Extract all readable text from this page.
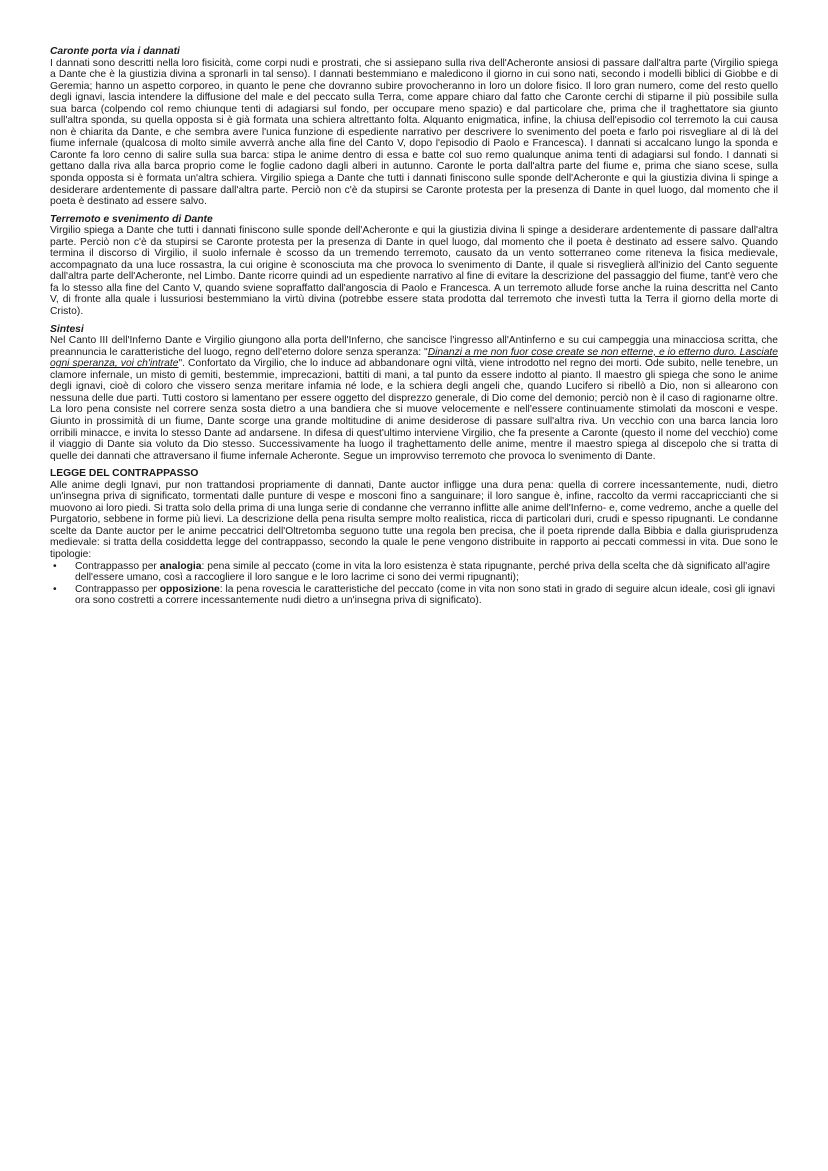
Caronte porta via i dannati

I dannati sono descritti nella loro fisicità, come corpi nudi e prostrati, che si assiepano sulla riva dell'Acheronte ansiosi di passare dall'altra parte (Virgilio spiega a Dante che è la giustizia divina a spronarli in tal senso). I dannati bestemmiano e maledicono il giorno in cui sono nati, secondo i modelli biblici di Giobbe e di Geremia; hanno un aspetto corporeo, in quanto le pene che dovranno subire provocheranno in loro un dolore fisico. Il loro gran numero, come del resto quello degli ignavi, lascia intendere la diffusione del male e del peccato sulla Terra, come appare chiaro dal fatto che Caronte cerchi di stiparne il più possibile sulla sua barca (colpendo col remo chiunque tenti di adagiarsi sul fondo, per occupare meno spazio) e dal particolare che, prima che il traghettatore sia giunto sull'altra sponda, su quella opposta si è già formata una schiera altrettanto folta. Alquanto enigmatica, infine, la chiusa dell'episodio col terremoto la cui causa non è chiarita da Dante, e che sembra avere l'unica funzione di espediente narrativo per descrivere lo svenimento del poeta e farlo poi risvegliare al di là del fiume infernale (qualcosa di molto simile avverrà anche alla fine del Canto V, dopo l'episodio di Paolo e Francesca). I dannati si accalcano lungo la sponda e Caronte fa loro cenno di salire sulla sua barca: stipa le anime dentro di essa e batte col suo remo qualunque anima tenti di adagiarsi sul fondo. I dannati si gettano dalla riva alla barca proprio come le foglie cadono dagli alberi in autunno. Caronte le porta dall'altra parte del fiume e, prima che siano scese, sulla sponda opposta si è formata un'altra schiera. Virgilio spiega a Dante che tutti i dannati finiscono sulle sponde dell'Acheronte e qui la giustizia divina li spinge a desiderare ardentemente di passare dall'altra parte. Perciò non c'è da stupirsi se Caronte protesta per la presenza di Dante in quel luogo, dal momento che il poeta è destinato ad essere salvo.

Terremoto e svenimento di Dante

Virgilio spiega a Dante che tutti i dannati finiscono sulle sponde dell'Acheronte e qui la giustizia divina li spinge a desiderare ardentemente di passare dall'altra parte. Perciò non c'è da stupirsi se Caronte protesta per la presenza di Dante in quel luogo, dal momento che il poeta è destinato ad essere salvo. Quando termina il discorso di Virgilio, il suolo infernale è scosso da un tremendo terremoto, causato da un vento sotterraneo come riteneva la fisica medievale, accompagnato da una luce rossastra, la cui origine è sconosciuta ma che provoca lo svenimento di Dante, il quale si risveglierà all'inizio del Canto seguente dall'altra parte dell'Acheronte, nel Limbo. Dante ricorre quindi ad un espediente narrativo al fine di evitare la descrizione del passaggio del fiume, tant'è vero che fa lo stesso alla fine del Canto V, quando sviene sopraffatto dall'angoscia di Paolo e Francesca. A un terremoto allude forse anche la ruina descritta nel Canto V, di fronte alla quale i lussuriosi bestemmiano la virtù divina (potrebbe essere stata prodotta dal terremoto che investì tutta la Terra il giorno della morte di Cristo).

Sintesi

Nel Canto III dell'Inferno Dante e Virgilio giungono alla porta dell'Inferno, che sancisce l'ingresso all'Antinferno e su cui campeggia una minacciosa scritta, che preannuncia le caratteristiche del luogo, regno dell'eterno dolore senza speranza: "Dinanzi a me non fuor cose create se non etterne, e io etterno duro. Lasciate ogni speranza, voi ch'intrate". Confortato da Virgilio, che lo induce ad abbandonare ogni viltà, viene introdotto nel regno dei morti. Ode subito, nelle tenebre, un clamore infernale, un misto di gemiti, bestemmie, imprecazioni, battiti di mani, a tal punto da essere indotto al pianto. Il maestro gli spiega che sono le anime degli ignavi, cioè di coloro che vissero senza meritare infamia né lode, e la schiera degli angeli che, quando Lucifero si ribellò a Dio, non si allearono con nessuna delle due parti. Tutti costoro si lamentano per essere oggetto del disprezzo generale, di Dio come del demonio; perciò non è il caso di ragionarne oltre. La loro pena consiste nel correre senza sosta dietro a una bandiera che si muove velocemente e nell'essere continuamente stimolati da mosconi e vespe. Giunto in prossimità di un fiume, Dante scorge una grande moltitudine di anime desiderose di passare sull'altra riva. Un vecchio con una barca lancia loro orribili minacce, e invita lo stesso Dante ad andarsene. In difesa di quest'ultimo interviene Virgilio, che fa presente a Caronte (questo il nome del vecchio) come il viaggio di Dante sia voluto da Dio stesso. Successivamente ha luogo il traghettamento delle anime, mentre il maestro spiega al discepolo che si tratta di quelle dei dannati che attraversano il fiume infernale Acheronte. Segue un improvviso terremoto che provoca lo svenimento di Dante.

LEGGE DEL CONTRAPPASSO

Alle anime degli Ignavi, pur non trattandosi propriamente di dannati, Dante auctor infligge una dura pena: quella di correre incessantemente, nudi, dietro un'insegna priva di significato, tormentati dalle punture di vespe e mosconi fino a sanguinare; il loro sangue è, infine, raccolto da vermi raccapriccianti che si muovono ai loro piedi. Si tratta solo della prima di una lunga serie di condanne che verranno inflitte alle anime dell'Inferno- e, come vedremo, anche a quelle del Purgatorio, sebbene in forme più lievi. La descrizione della pena risulta sempre molto realistica, ricca di particolari duri, crudi e spesso ripugnanti. Le condanne scelte da Dante auctor per le anime peccatrici dell'Oltretomba seguono tutte una regola ben precisa, che il poeta riprende dalla Bibbia e dalla giurisprudenza medievale: si tratta della cosiddetta legge del contrappasso, secondo la quale le pene vengono distribuite in rapporto ai peccati commessi in vita. Due sono le tipologie:

• Contrappasso per analogia: pena simile al peccato (come in vita la loro esistenza è stata ripugnante, perché priva della scelta che dà significato all'agire dell'essere umano, così a raccogliere il loro sangue e le loro lacrime ci sono dei vermi ripugnanti);
• Contrappasso per opposizione: la pena rovescia le caratteristiche del peccato (come in vita non sono stati in grado di seguire alcun ideale, così gli ignavi ora sono costretti a correre incessantemente nudi dietro a un'insegna priva di significato).
